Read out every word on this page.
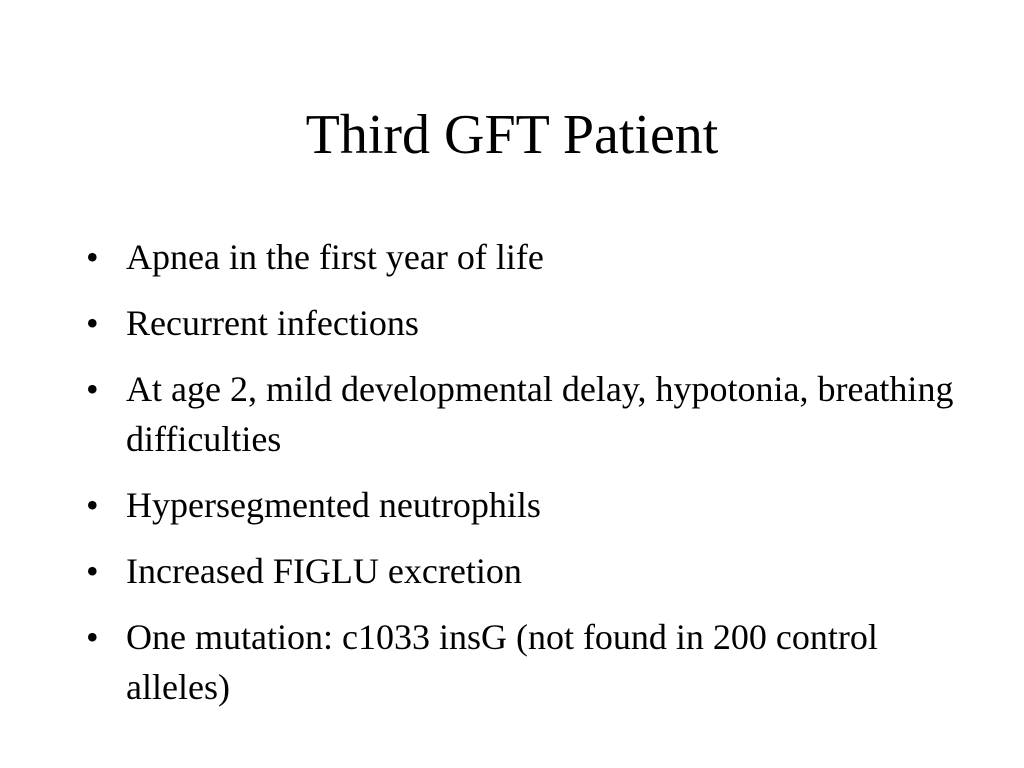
Third GFT Patient
• Apnea in the first year of life
• Recurrent infections
• At age 2, mild developmental delay, hypotonia, breathing difficulties
• Hypersegmented neutrophils
• Increased FIGLU excretion
• One mutation: c1033 insG (not found in 200 control alleles)
